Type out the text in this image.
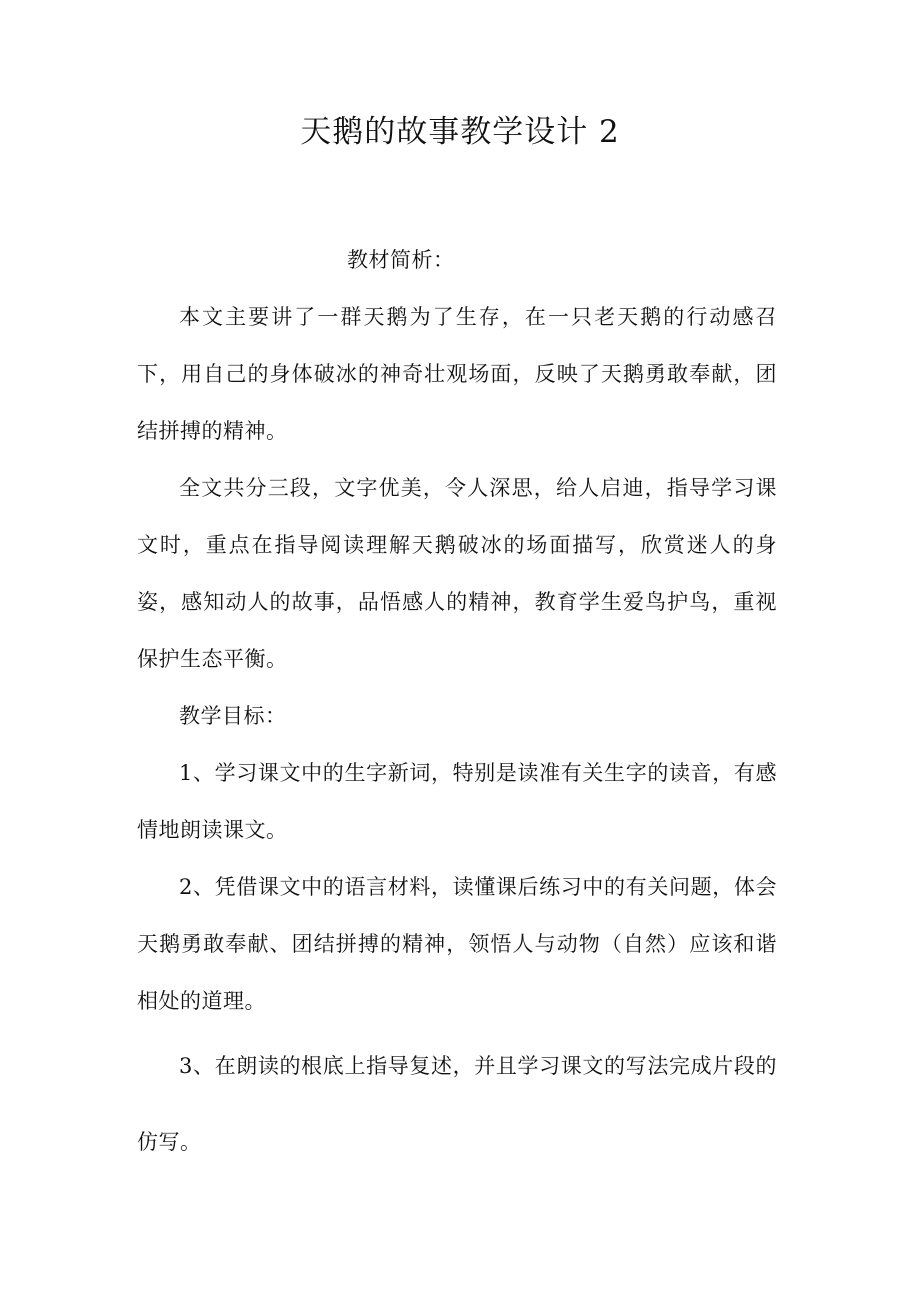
天鹅的故事教学设计 2

教材简析：

本文主要讲了一群天鹅为了生存，在一只老天鹅的行动感召下，用自己的身体破冰的神奇壮观场面，反映了天鹅勇敢奉献，团结拼搏的精神。

全文共分三段，文字优美，令人深思，给人启迪，指导学习课文时，重点在指导阅读理解天鹅破冰的场面描写，欣赏迷人的身姿，感知动人的故事，品悟感人的精神，教育学生爱鸟护鸟，重视保护生态平衡。

教学目标：

1、学习课文中的生字新词，特别是读准有关生字的读音，有感情地朗读课文。

2、凭借课文中的语言材料，读懂课后练习中的有关问题，体会天鹅勇敢奉献、团结拼搏的精神，领悟人与动物（自然）应该和谐相处的道理。

3、在朗读的根底上指导复述，并且学习课文的写法完成片段的仿写。
